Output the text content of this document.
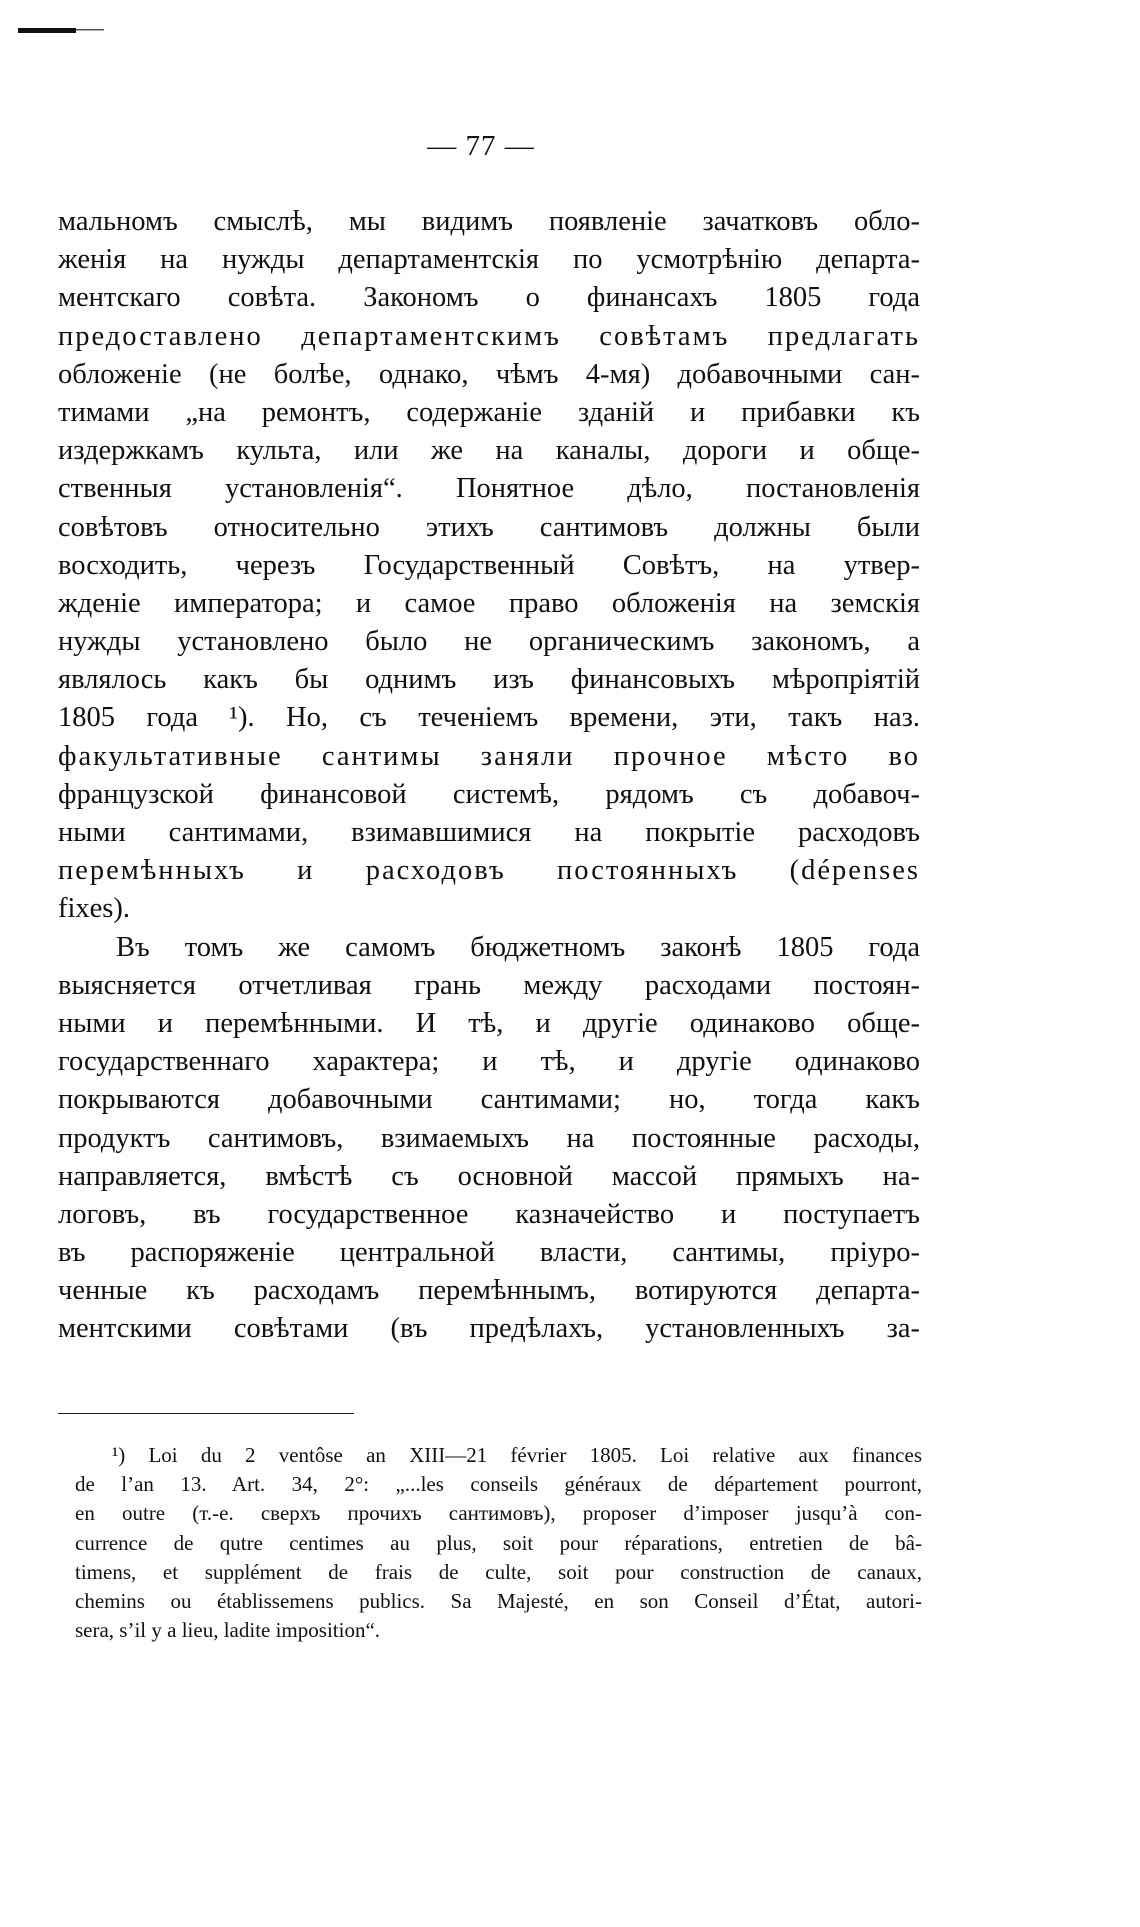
— 77 —
мальномъ смыслѣ, мы видимъ появленіе зачатковъ обло-
женія на нужды департаментскія по усмотрѣнію департа-
ментскаго совѣта. Закономъ о финансахъ 1805 года
предоставлено департаментскимъ совѣтамъ предлагать
обложеніе (не болѣе, однако, чѣмъ 4-мя) добавочными сан-
тимами „на ремонтъ, содержаніе зданій и прибавки къ
издержкамъ культа, или же на каналы, дороги и обще-
ственныя установленія“. Понятное дѣло, постановленія
совѣтовъ относительно этихъ сантимовъ должны были
восходить, черезъ Государственный Совѣтъ, на утвер-
жденіе императора; и самое право обложенія на земскія
нужды установлено было не органическимъ закономъ, а
являлось какъ бы однимъ изъ финансовыхъ мѣропріятій
1805 года ¹). Но, съ теченіемъ времени, эти, такъ наз.
факультативные сантимы заняли прочное мѣсто во
французской финансовой системѣ, рядомъ съ добавоч-
ными сантимами, взимавшимися на покрытіе расходовъ
перемѣнныхъ и расходовъ постоянныхъ (dépenses
fixes).
Въ томъ же самомъ бюджетномъ законѣ 1805 года
выясняется отчетливая грань между расходами постоян-
ными и перемѣнными. И тѣ, и другіе одинаково обще-
государственнаго характера; и тѣ, и другіе одинаково
покрываются добавочными сантимами; но, тогда какъ
продуктъ сантимовъ, взимаемыхъ на постоянные расходы,
направляется, вмѣстѣ съ основной массой прямыхъ на-
логовъ, въ государственное казначейство и поступаетъ
въ распоряженіе центральной власти, сантимы, пріуро-
ченные къ расходамъ перемѣннымъ, вотируются департа-
ментскими совѣтами (въ предѣлахъ, установленныхъ за-
¹) Loi du 2 ventôse an XIII—21 février 1805. Loi relative aux finances
de l’an 13. Art. 34, 2°: „...les conseils généraux de département pourront,
en outre (т.-е. сверхъ прочихъ сантимовъ), proposer d’imposer jusqu’à con-
currence de qutre centimes au plus, soit pour réparations, entretien de bâ-
timens, et supplément de frais de culte, soit pour construction de canaux,
chemins ou établissemens publics. Sa Majesté, en son Conseil d’État, autori-
sera, s’il y a lieu, ladite imposition“.
